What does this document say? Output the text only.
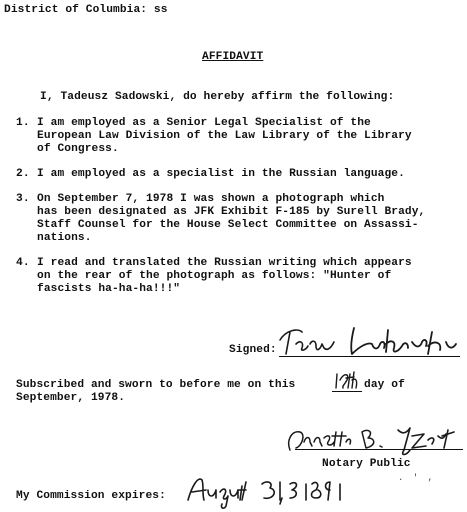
District of Columbia: ss
AFFIDAVIT
I, Tadeusz Sadowski, do hereby affirm the following:
1. I am employed as a Senior Legal Specialist of the
European Law Division of the Law Library of the Library
of Congress.
2. I am employed as a specialist in the Russian language.
3. On September 7, 1978 I was shown a photograph which
has been designated as JFK Exhibit F-185 by Surell Brady,
Staff Counsel for the House Select Committee on Assassi-
nations.
4. I read and translated the Russian writing which appears
on the rear of the photograph as follows: "Hunter of
fascists ha-ha-ha!!!"
Signed:
Subscribed and sworn to before me on this	day of
September, 1978.
Notary Public
My Commission expires:
. ' ,
